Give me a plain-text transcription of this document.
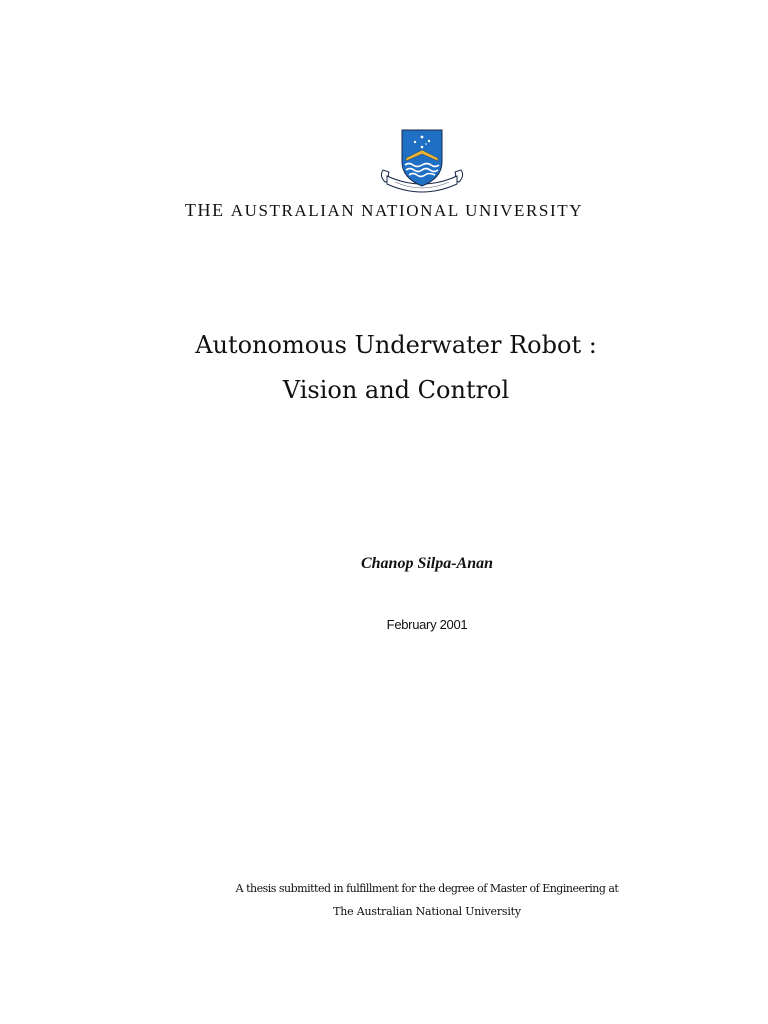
THE AUSTRALIAN NATIONAL UNIVERSITY

Autonomous Underwater Robot :
Vision and Control

Chanop Silpa-Anan

February 2001

A thesis submitted in fulfillment for the degree of Master of Engineering at

The Australian National University
